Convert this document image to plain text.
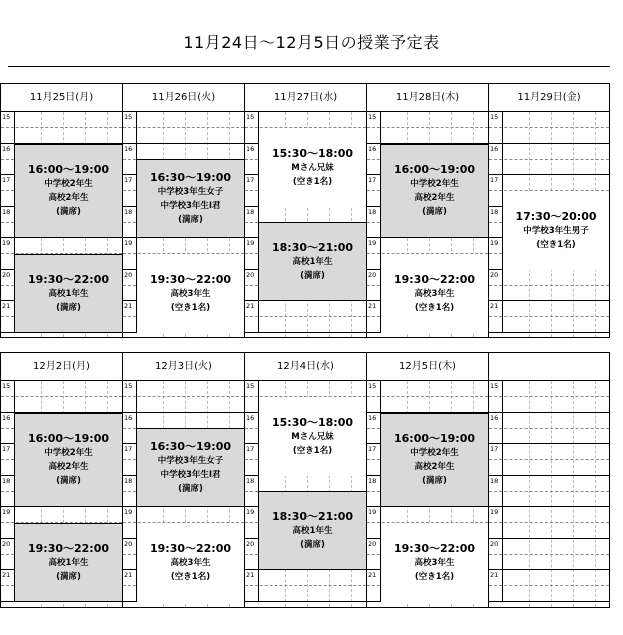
11月24日～12月5日の授業予定表
11月25日(月)
15
16
17
18
19
20
21
16:00～19:00
中学校2年生
高校2年生
(満席)
19:30～22:00
高校1年生
(満席)
11月26日(火)
15
16
17
18
19
20
21
16:30～19:00
中学校3年生女子
中学校3年生I君
(満席)
19:30～22:00
高校3年生
(空き1名)
11月27日(水)
15
16
17
18
19
20
21
15:30～18:00
Mさん兄妹
(空き1名)
18:30～21:00
高校1年生
(満席)
11月28日(木)
15
16
17
18
19
20
21
16:00～19:00
中学校2年生
高校2年生
(満席)
19:30～22:00
高校3年生
(空き1名)
11月29日(金)
15
16
17
18
19
20
21
17:30～20:00
中学校3年生男子
(空き1名)
12月2日(月)
15
16
17
18
19
20
21
16:00～19:00
中学校2年生
高校2年生
(満席)
19:30～22:00
高校1年生
(満席)
12月3日(火)
15
16
17
18
19
20
21
16:30～19:00
中学校3年生女子
中学校3年生I君
(満席)
19:30～22:00
高校3年生
(空き1名)
12月4日(水)
15
16
17
18
19
20
21
15:30～18:00
Mさん兄妹
(空き1名)
18:30～21:00
高校1年生
(満席)
12月5日(木)
15
16
17
18
19
20
21
16:00～19:00
中学校2年生
高校2年生
(満席)
19:30～22:00
高校3年生
(空き1名)
15
16
17
18
19
20
21
